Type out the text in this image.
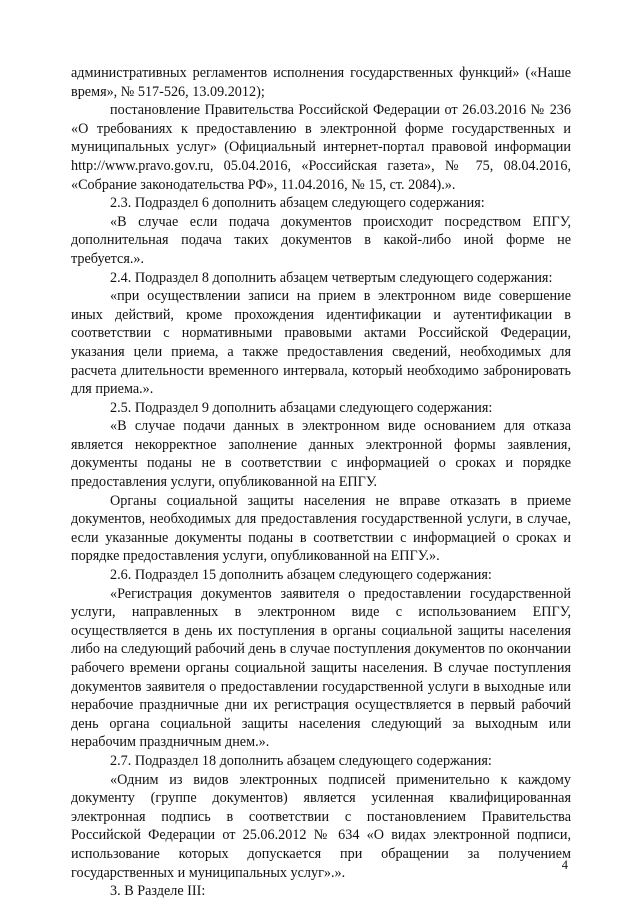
административных регламентов исполнения государственных функций» («Наше время», № 517-526, 13.09.2012);

постановление Правительства Российской Федерации от 26.03.2016 № 236 «О требованиях к предоставлению в электронной форме государственных и муниципальных услуг» (Официальный интернет-портал правовой информации http://www.pravo.gov.ru, 05.04.2016, «Российская газета», № 75, 08.04.2016, «Собрание законодательства РФ», 11.04.2016, № 15, ст. 2084).».

2.3. Подраздел 6 дополнить абзацем следующего содержания:

«В случае если подача документов происходит посредством ЕПГУ, дополнительная подача таких документов в какой-либо иной форме не требуется.».

2.4. Подраздел 8 дополнить абзацем четвертым следующего содержания:

«при осуществлении записи на прием в электронном виде совершение иных действий, кроме прохождения идентификации и аутентификации в соответствии с нормативными правовыми актами Российской Федерации, указания цели приема, а также предоставления сведений, необходимых для расчета длительности временного интервала, который необходимо забронировать для приема.».

2.5. Подраздел 9 дополнить абзацами следующего содержания:

«В случае подачи данных в электронном виде основанием для отказа является некорректное заполнение данных электронной формы заявления, документы поданы не в соответствии с информацией о сроках и порядке предоставления услуги, опубликованной на ЕПГУ.

Органы социальной защиты населения не вправе отказать в приеме документов, необходимых для предоставления государственной услуги, в случае, если указанные документы поданы в соответствии с информацией о сроках и порядке предоставления услуги, опубликованной на ЕПГУ.».

2.6. Подраздел 15 дополнить абзацем следующего содержания:

«Регистрация документов заявителя о предоставлении государственной услуги, направленных в электронном виде с использованием ЕПГУ, осуществляется в день их поступления в органы социальной защиты населения либо на следующий рабочий день в случае поступления документов по окончании рабочего времени органы социальной защиты населения. В случае поступления документов заявителя о предоставлении государственной услуги в выходные или нерабочие праздничные дни их регистрация осуществляется в первый рабочий день органа социальной защиты населения следующий за выходным или нерабочим праздничным днем.».

2.7. Подраздел 18 дополнить абзацем следующего содержания:

«Одним из видов электронных подписей применительно к каждому документу (группе документов) является усиленная квалифицированная электронная подпись в соответствии с постановлением Правительства Российской Федерации от 25.06.2012 № 634 «О видах электронной подписи, использование которых допускается при обращении за получением государственных и муниципальных услуг».».

3. В Разделе III:

4
